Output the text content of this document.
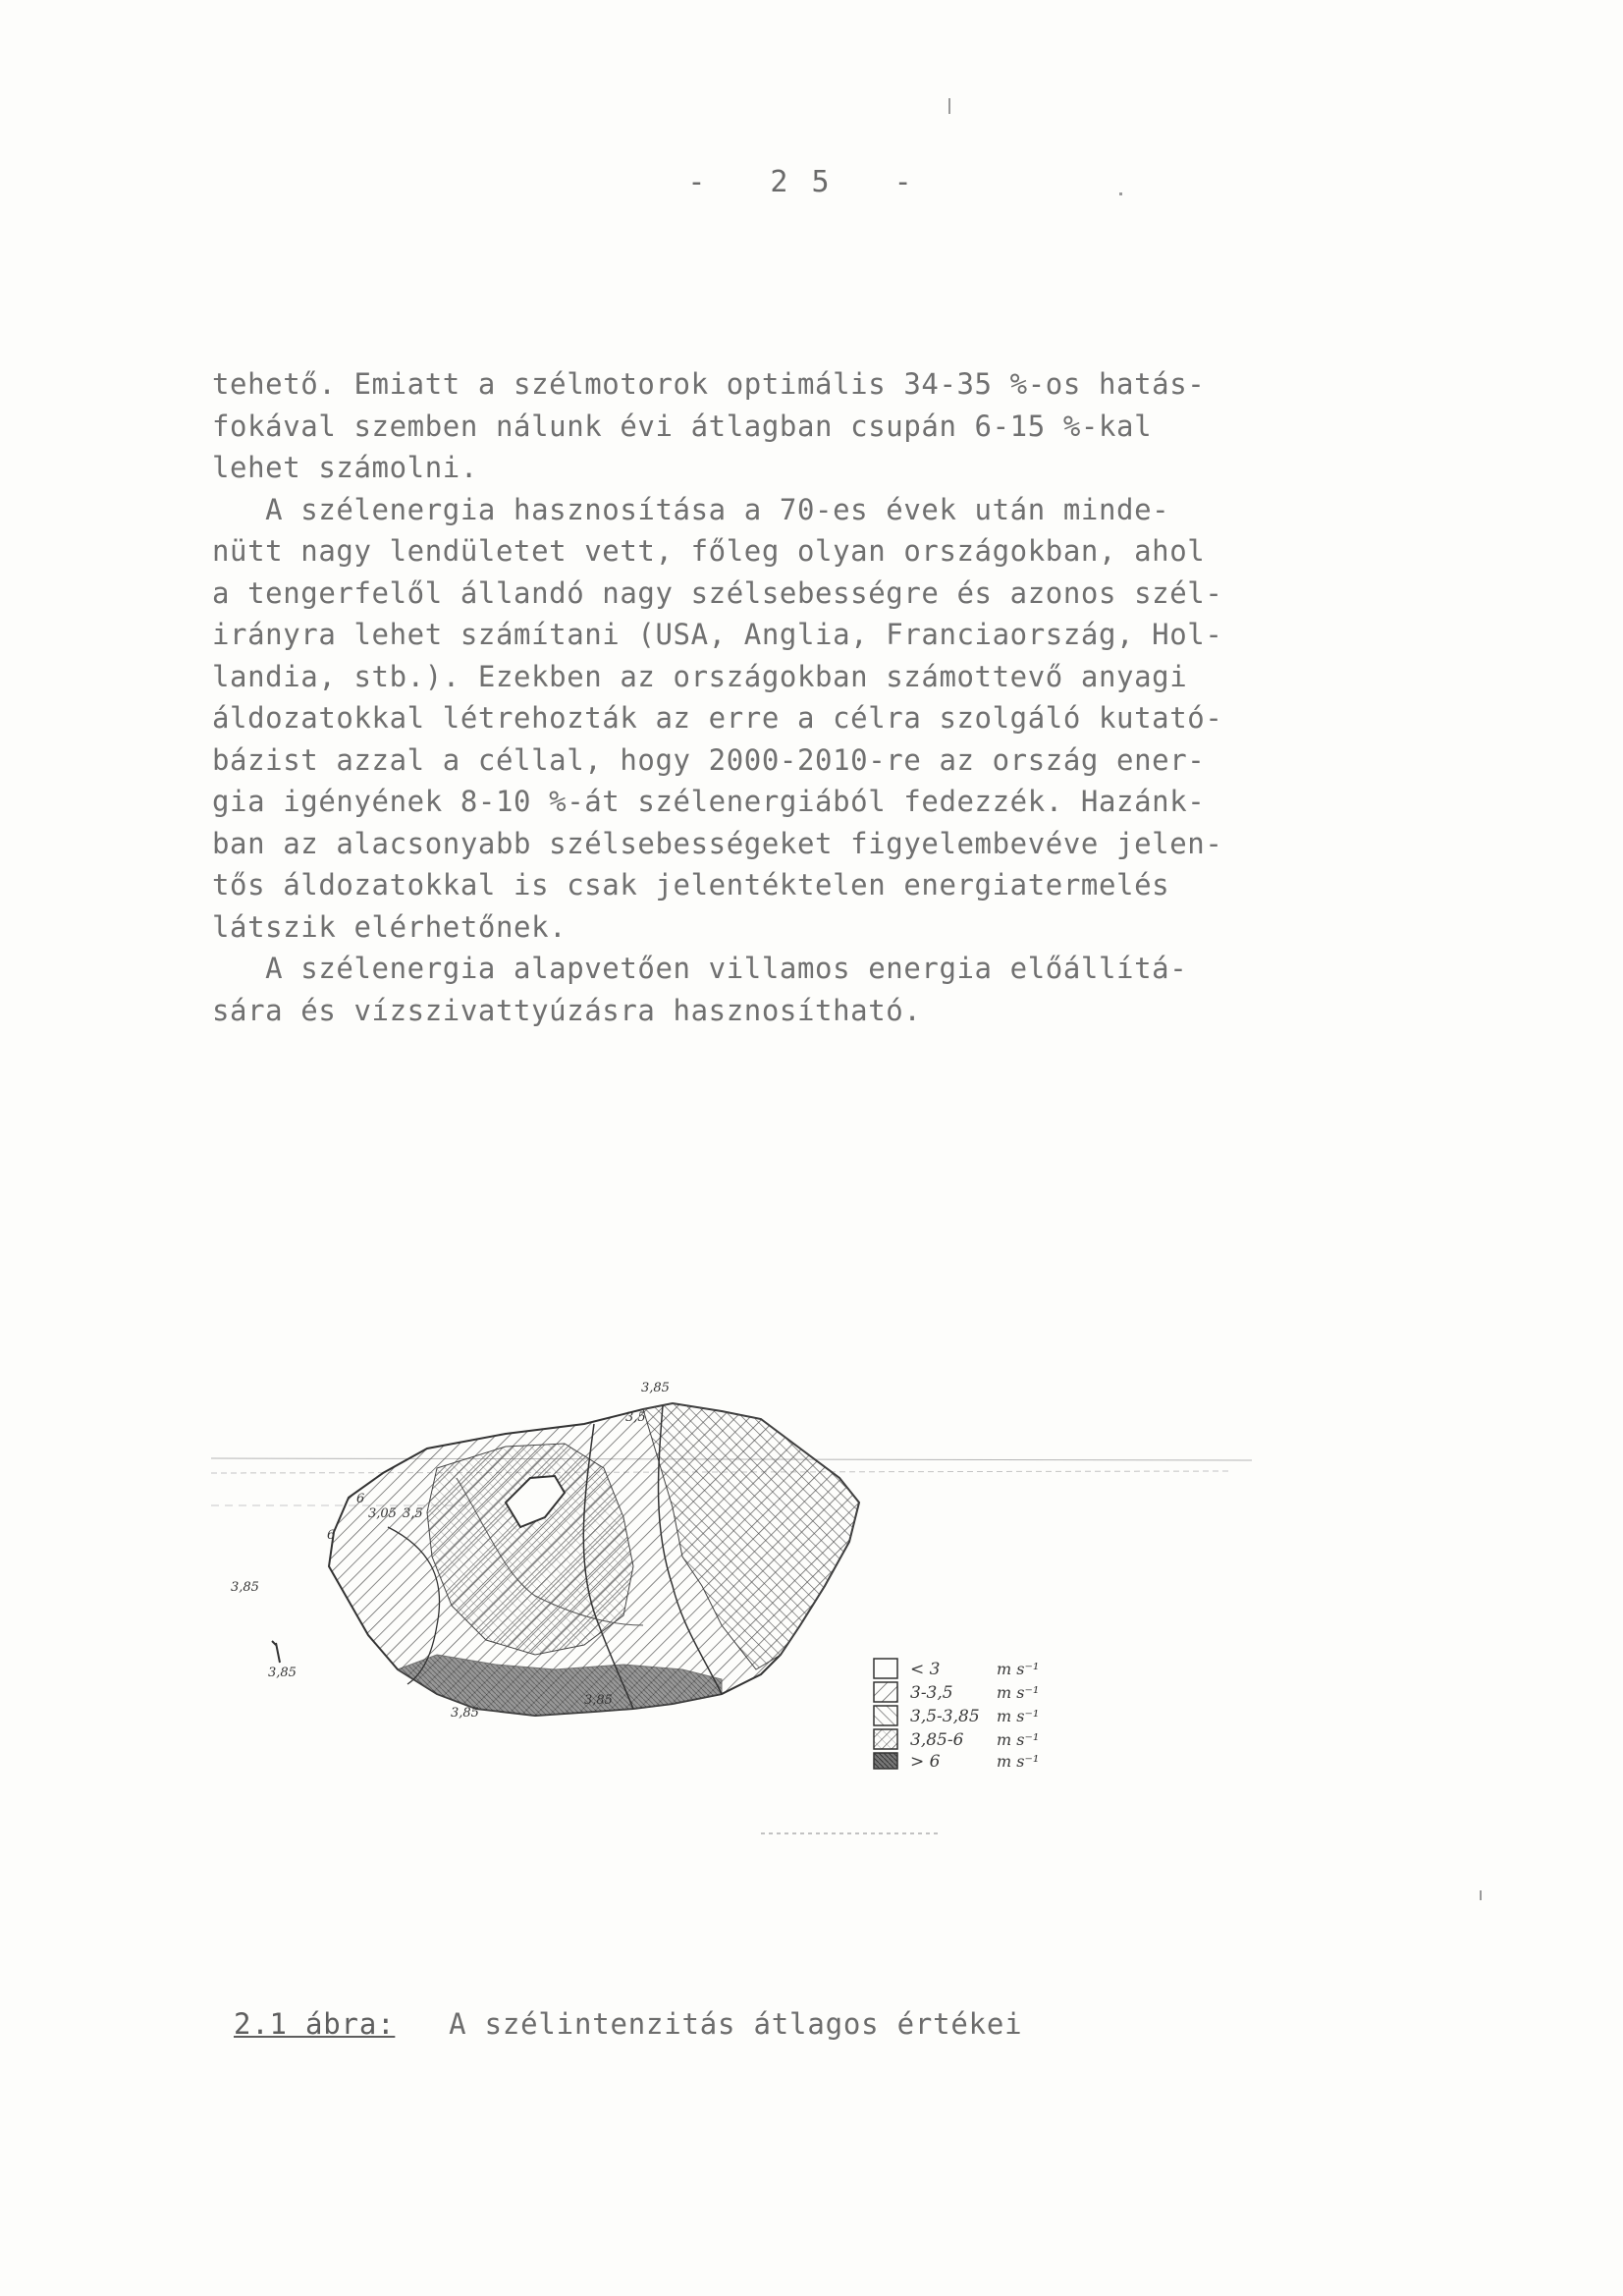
- 25 -
tehető. Emiatt a szélmotorok optimális 34-35 %-os hatás-
fokával szemben nálunk évi átlagban csupán 6-15 %-kal
lehet számolni.
A szélenergia hasznosítása a 70-es évek után minde-
nütt nagy lendületet vett, főleg olyan országokban, ahol
a tengerfelől állandó nagy szélsebességre és azonos szél-
irányra lehet számítani (USA, Anglia, Franciaország, Hol-
landia, stb.). Ezekben az országokban számottevő anyagi
áldozatokkal létrehozták az erre a célra szolgáló kutató-
bázist azzal a céllal, hogy 2000-2010-re az ország ener-
gia igényének 8-10 %-át szélenergiából fedezzék. Hazánk-
ban az alacsonyabb szélsebességeket figyelembevéve jelen-
tős áldozatokkal is csak jelentéktelen energiatermelés
látszik elérhetőnek.
A szélenergia alapvetően villamos energia előállítá-
sára és vízszivattyúzásra hasznosítható.
3,85
3,5
6
3,05 3,5
6
3,85
3,85
3,85
3,85
< 3
3-3,5
3,5-3,85
3,85-6
> 6
m s⁻¹
m s⁻¹
m s⁻¹
m s⁻¹
m s⁻¹
2.1 ábra: A szélintenzitás átlagos értékei
